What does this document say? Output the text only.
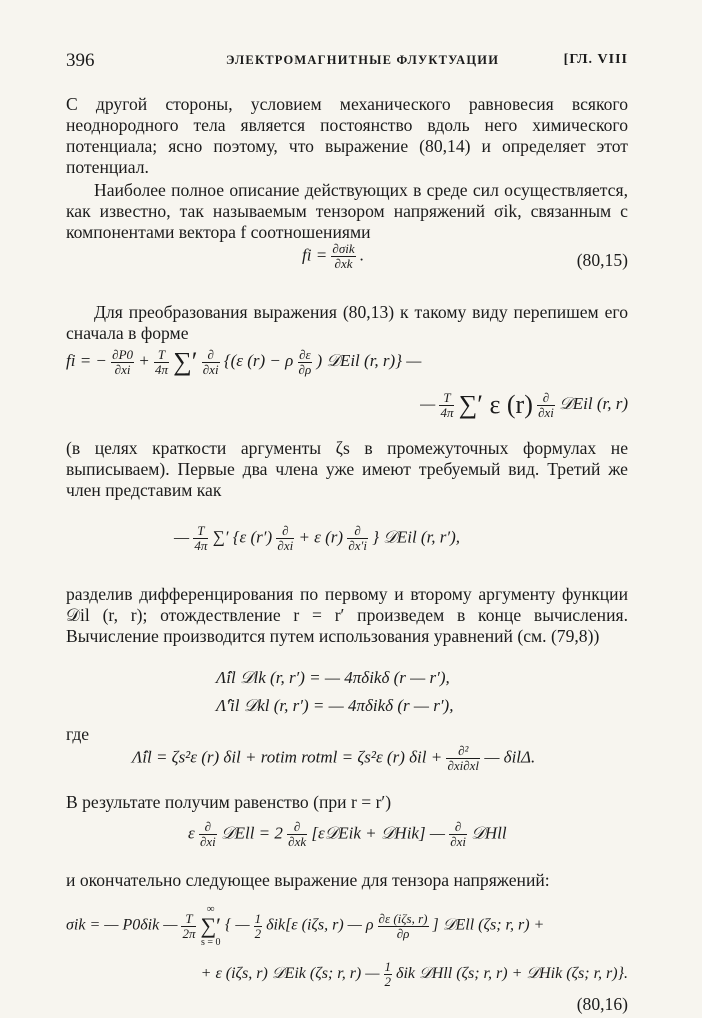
396	ЭЛЕКТРОМАГНИТНЫЕ ФЛУКТУАЦИИ	[ГЛ. VIII

С другой стороны, условием механического равновесия всякого неоднородного тела является постоянство вдоль него химического потенциала; ясно поэтому, что выражение (80,14) и определяет этот потенциал.

Наиболее полное описание действующих в среде сил осуществляется, как известно, так называемым тензором напряжений σik, связанным с компонентами вектора f соотношениями

fi = $\frac{\text{∂σik}}{\partial xk}$ .	(80,15)

Для преобразования выражения (80,13) к такому виду перепишем его сначала в форме

fi = − $\frac{\partial P0}{\partial xi} + \frac{T}{4\pi}$ ∑′ $\frac{\partial}{\partial xi} \{(\varepsilon$ (r) − ρ $\frac{\partial\varepsilon}{\partial\rho}$ ) 𝒟Eil (r, r)} —
— $\frac{T}{4\pi}$ ∑′ ε $(r) \frac{\partial}{\partial xi}$ 𝒟Eil (r, r)

(в целях краткости аргументы ζs в промежуточных формулах не выписываем). Первые два члена уже имеют требуемый вид. Третий же член представим как

— $\frac{T}{4\pi}$ ∑′ {ε $(r') \frac{\partial}{\partial xi} + \varepsilon$ $(r) \frac{\partial}{\partial x'i}$ } 𝒟Eil (r, r′),

разделив дифференцирования по первому и второму аргументу функции 𝒟il (r, r); отождествление r = r′ произведем в конце вычисления. Вычисление производится путем использования уравнений (см. (79,8))

Λ̂il 𝒟lk (r, r′) = — 4πδikδ (r — r′),
Λ̂′il 𝒟kl (r, r′) = — 4πδikδ (r — r′),

где

Λ̂il = ζs²ε (r) δil + rotim rotml = ζs²ε (r) $\delta il + \frac{\text{∂²}}{\partial xi\partial xl}$ — δilΔ.

В результате получим равенство (при r = r′)

ε $\frac{\partial}{\partial xi}$ 𝒟Ell = $2 \frac{\partial}{\partial xk}$ [ε𝒟Eik + 𝒟Hik] — $\frac{\partial}{\partial xi}$ 𝒟Hll

и окончательно следующее выражение для тензора напряжений:

σik = — P0δik — $\frac{T}{2\pi}$

∞
∑′
s = 0
{ — $\frac{1}{2} \delta ik[\varepsilon$ (iζs, r) — ρ $\frac{\text{∂ε (iζs, r)}}{\partial\rho}$ ] 𝒟Ell (ζs; r, r) +
+ ε (iζs, r) 𝒟Eik (ζs; r, r) — $\frac{1}{2}$ δik 𝒟Hll (ζs; r, r) + 𝒟Hik (ζs; r, r)}.
(80,16)
